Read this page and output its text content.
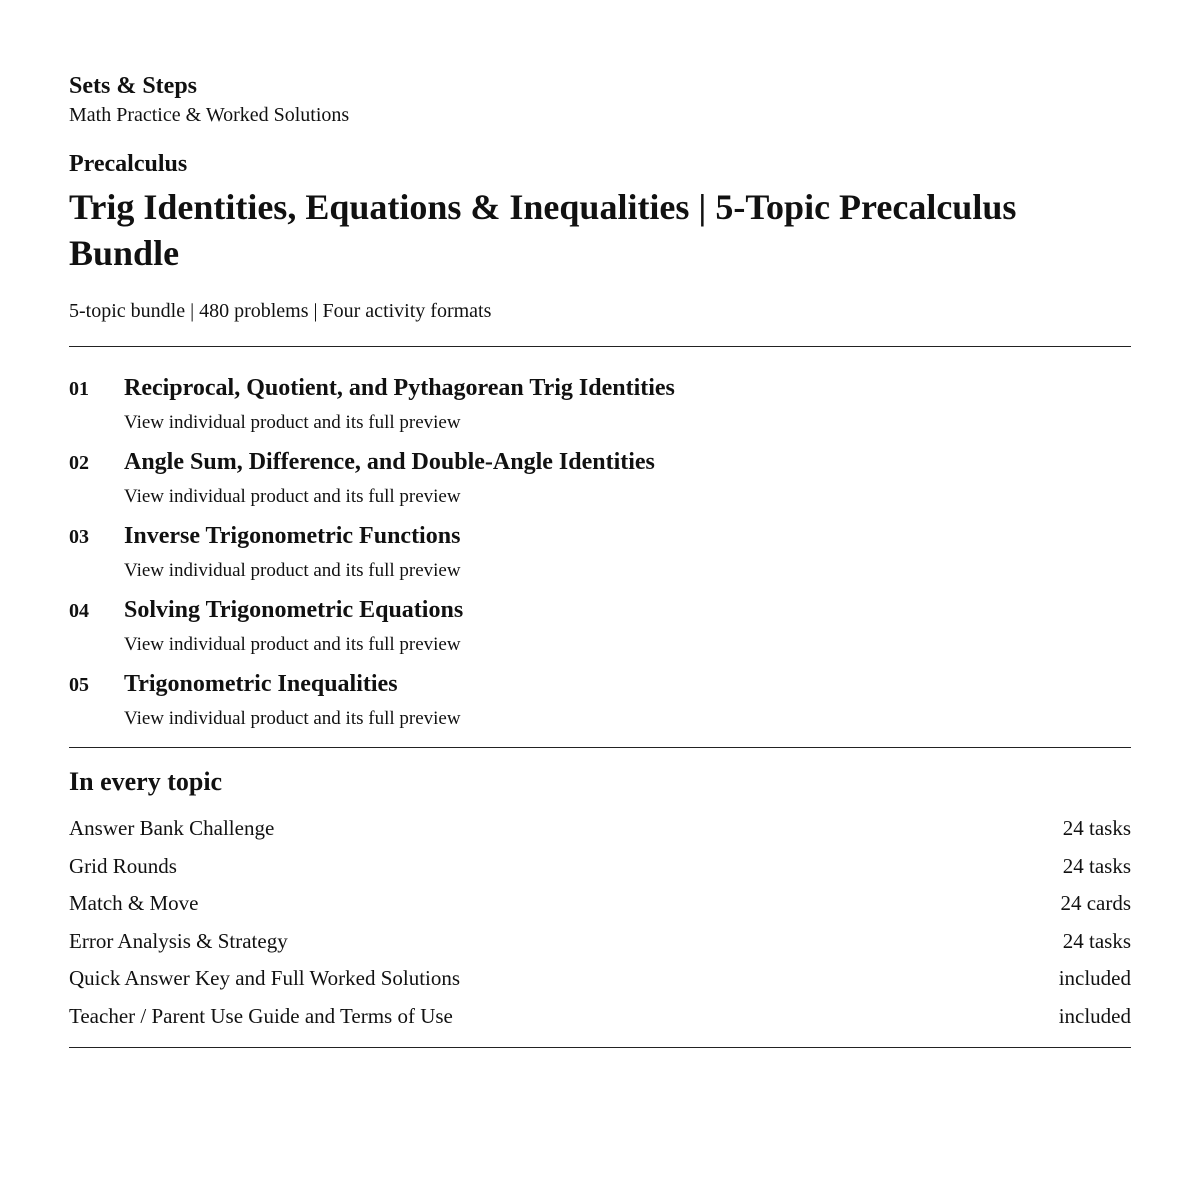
Sets & Steps

Math Practice & Worked Solutions

Precalculus

Trig Identities, Equations & Inequalities | 5-Topic Precalculus Bundle

5-topic bundle | 480 problems | Four activity formats

01	Reciprocal, Quotient, and Pythagorean Trig Identities
View individual product and its full preview
02	Angle Sum, Difference, and Double-Angle Identities
View individual product and its full preview
03	Inverse Trigonometric Functions
View individual product and its full preview
04	Solving Trigonometric Equations
View individual product and its full preview
05	Trigonometric Inequalities
View individual product and its full preview
In every topic
Answer Bank Challenge	24 tasks
Grid Rounds	24 tasks
Match & Move	24 cards
Error Analysis & Strategy	24 tasks
Quick Answer Key and Full Worked Solutions	included
Teacher / Parent Use Guide and Terms of Use	included
